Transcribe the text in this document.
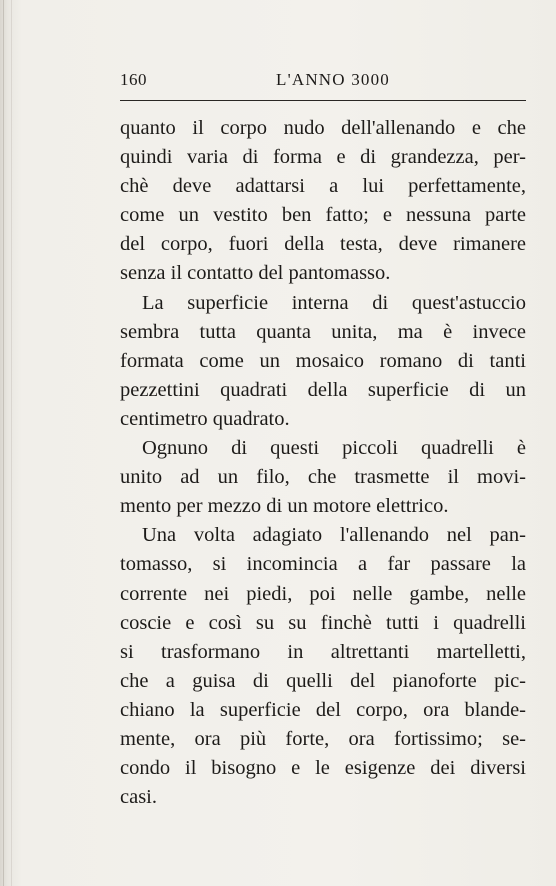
160	L'ANNO 3000
quanto il corpo nudo dell'allenando e che
quindi varia di forma e di grandezza, per-
chè deve adattarsi a lui perfettamente,
come un vestito ben fatto; e nessuna parte
del corpo, fuori della testa, deve rimanere
senza il contatto del pantomasso.
La superficie interna di quest'astuccio
sembra tutta quanta unita, ma è invece
formata come un mosaico romano di tanti
pezzettini quadrati della superficie di un
centimetro quadrato.
Ognuno di questi piccoli quadrelli è
unito ad un filo, che trasmette il movi-
mento per mezzo di un motore elettrico.
Una volta adagiato l'allenando nel pan-
tomasso, si incomincia a far passare la
corrente nei piedi, poi nelle gambe, nelle
coscie e così su su finchè tutti i quadrelli
si trasformano in altrettanti martelletti,
che a guisa di quelli del pianoforte pic-
chiano la superficie del corpo, ora blande-
mente, ora più forte, ora fortissimo; se-
condo il bisogno e le esigenze dei diversi
casi.
